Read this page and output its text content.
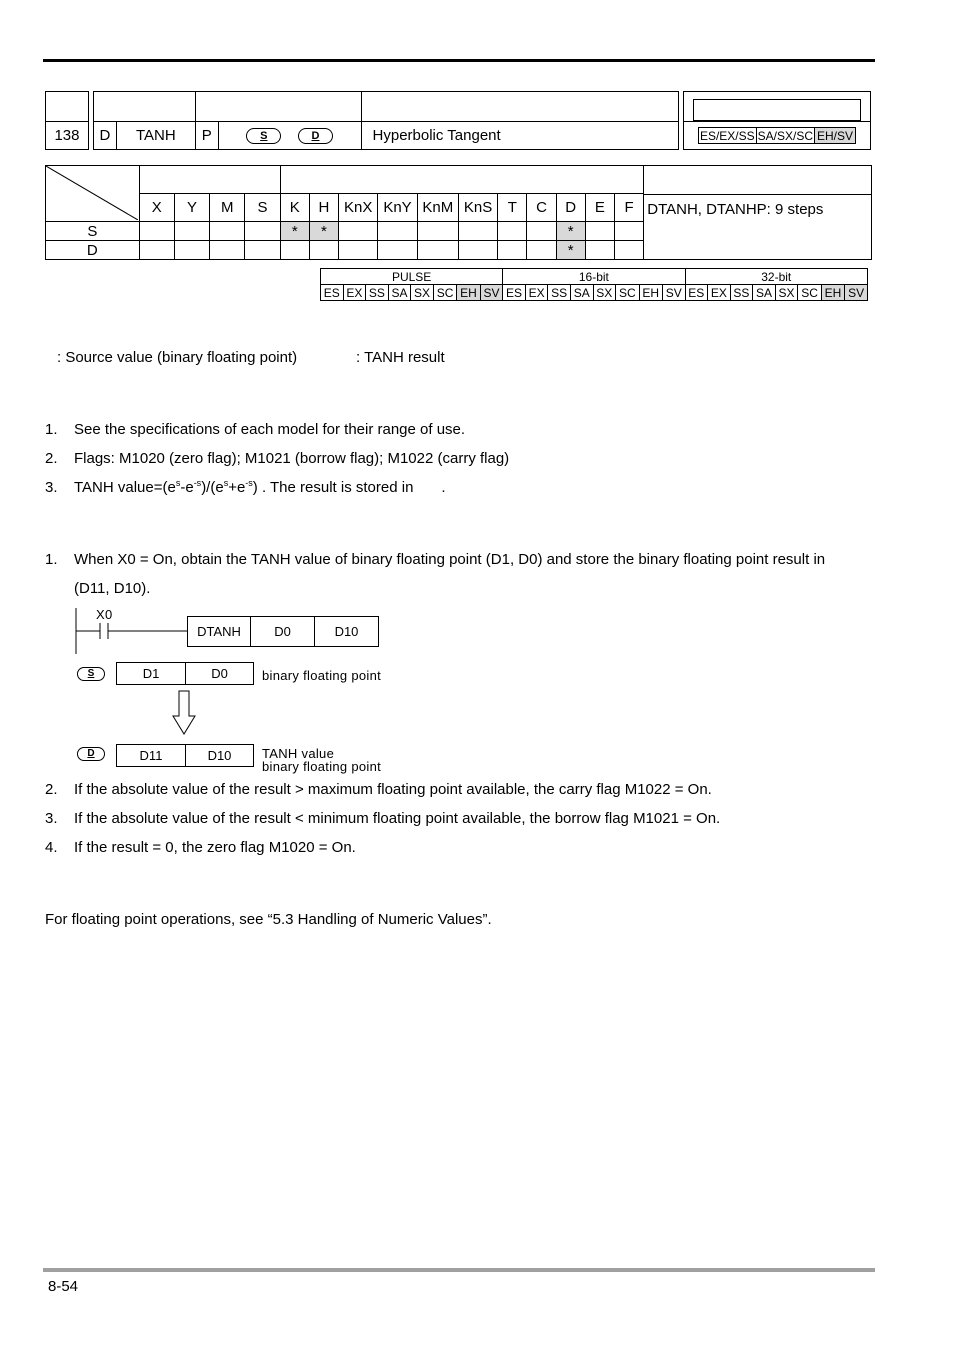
138		D	TANH	P	S	D	Hyperbolic Tangent			ES/EX/SS	SA/SX/SC	EH/SV

DTANH, DTANHP: 9 steps

	X	Y	M	S	K	H	KnX	KnY	KnM	KnS	T	C	D	E	F	
S					*	*							*			
D													*			
PULSE								16-bit								32-bit							
ES	EX	SS	SA	SX	SC	EH	SV	ES	EX	SS	SA	SX	SC	EH	SV	ES	EX	SS	SA	SX	SC	EH	SV
: Source value (binary floating point)	: TANH result
1. See the specifications of each model for their range of use.
2. Flags: M1020 (zero flag); M1021 (borrow flag); M1022 (carry flag)
3. TANH $value=(e^s-e^{-s})/(e^s+e^{-s})$ . The result is stored in .
1. When X0 = On, obtain the TANH value of binary floating point (D1, D0) and store the binary floating point result in
(D11, D10).
X0
DTANH	D0	D10
S	D1	D0	binary floating point
D	D11	D10	TANH value
binary floating point
2. If the absolute value of the result > maximum floating point available, the carry flag M1022 = On.
3. If the absolute value of the result < minimum floating point available, the borrow flag M1021 = On.
4. If the result = 0, the zero flag M1020 = On.
For floating point operations, see “5.3 Handling of Numeric Values”.
8-54
